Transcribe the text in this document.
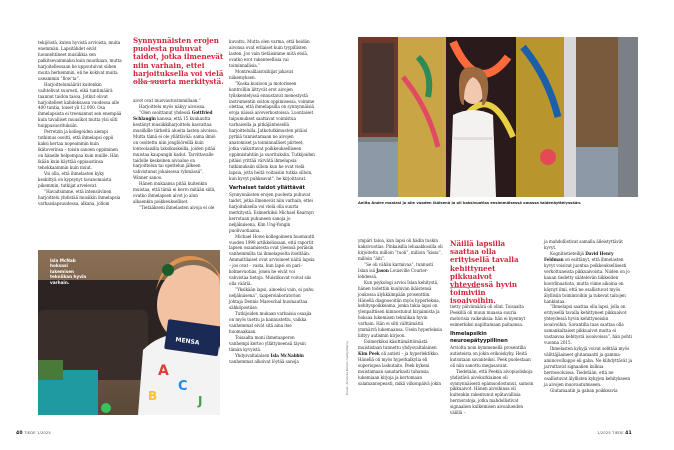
tekijöistä, kuten hyvistä arvioista, muita enemmän. Lapsitähdet eivät luonnehtineet musiikkia sen palkitsevammaksi kuin muutkaan, mutta harjoitellessaan he uppoutuivat siihen muita herkemmin, eli he kokivat muita useammin ”flow’ta”.

Harjoittelumäärät kuitenkin vaihtelivat suuresti, eikä tuntimäärä taannut taidon tasoa. Jotkut olivat harjoitelleet kahdeksassa vuodessa alle 400 tuntia, toiset yli 12 000. Osa ihmelapsista ei treenannut sen enempää kuin tavalliset muusikot mutta ylsi silti huippusuorituksiin.

Perretzin ja kollegoiden aiempi tutkimus osoitti, että ihmelapsi oppii kaksi kertaa nopeammin kuin ikätoverinsa – toisin sanoen oppiminen on hänelle helpompaa kuin muille. Hän ikään kuin käyttää oppiaustinsa tehokkaammin kuin muut.

Voi olla, että ihmelasten kyky keskittyä on kypsynyt tavanomaista pikemmin, tutkijat arvelevat.

”Havaitsimme, että intensiivinen harjoittelu yhdistää musiikin ihmelapsia varhaislapsuudessa, alkana, jolloin

Synnynnäisten erojen puolesta puhuvat taidot, jotka ilmenevät niin varhain, ettei harjoituksella voi vielä olla suurta merkitystä.

aivot ovat muovautuvimmillaan.”

Harjoittelu myös näkyy aivoissa.

”Olen osoittanut yhdessä Gottfried Schlaugin kanssa, että 15 kuukautta kestänyt musiikkiharjoittelu kasvattaa musiikille tärkeitä alueita lasten aivoissa. Mutta tämä ei ole yllättävää: sama ilmiö on osoitettu niin jonglööreillä kuin lontoolaisilla taksikuskeilla, joiden pitää muistaa kaupungin kadut. Tarvittavalle taidolle keskeinen aivoalue on harjoittelun tai opettelun jälkeen vahvistunut jokaisessa ryhmässä”, Winner sanoo.

Hänen mukaansa pitää kuitenkin muistaa, että tämä ei kerro mitään siitä, ovatko ihmelapsen aivot jo alun alkaenkin poikkeukselliset.

”Tietääkseni ihmelasten aivoja ei ole

kuvattu. Mutta olen varma, että heidän aivonsa ovat erilaiset kuin tyypillisten lasten. Jos vain tietäisimme mitä etsiä, ovatko erot rakenteellisia vai toiminnallisia.”

Montrealilaistutkijat jakavat näkemyksen.

”Koska kuuloon ja motoriseen kontrolliin liittyvät erot aivojen tyilskentelyssä ennustavat menestystä instrumentin soiton oppimisessa, voimme olettaa, että ihmelapsilla on synnynnäisiä eroja näissä aivoverkostoissa. Luontaiset taipumukset saattavat voimistua varhaisella ja pitkäjänteisellä harjoittelulla. Jatkotutkimusten pitäisi pyrkiä tunnistamaan ne aivojen anatomiset ja toiminnalliset piirteet, jotka vaikuttavat poikkeukselliseen oppimistahtiin ja suorituksiin. Tutkijoiden pitäisi yrittää värvätä ihmelapsia tutkimuksiin silloin kun he ovat vielä lapsia, jotta heitä voitaisiin tutkia silloin, kun kyvyt puhkeavat”, he kirjoittavat.

Varhaiset taidot yllättävät

Synnynnäisten erojen puolesta puhuvat taidot, jotka ilmenevät niin varhain, ettei harjoituksella voi vielä olla suurta merkitystä. Esimerkiksi Michael Kearnyn kerrotaan puhuneen sanoja jo neljäkuisena, Kim Ung-Yongin puolivuotiaana.

Michael Howe kollegoineen huomautti vuoden 1998 artikkelissaan, että raportit lapsen osaamisesta ovat yleensä peräisin vanhemmilta tai ihmelapselta itseltään. Ammattilaiset ovat arvioineet näitä lapsia – jos ovat – vasta, kun lapsi on pari–kolmevuotias, jonen he eivät voi vahvistaa tietoja. Muistikuvat voivat siis olla vääriä.

”Yksikään lapsi, ainoeksi vain, ei puhu neljäkuisena”, taaperolaboratorion johtaja Dennis Mareschal huomauttaa sähköpostiise.

Tutkijoiden mukaan varhaisia osaajia on myös tuettu ja kannustettu, vaikka vanhemmat eivät sitä aina itse huomaakaan.

Toisaalta moni ihmetaaperon vanhempi kertoo yllättyneensä täysin tämän kyvyistä.

Yhdysvaltalaisen Isla McNabbin vanhemmat alkoivat löytää sanoja

A
C
B	J
MENSA
Isla McNab hoksasi lukemisen tekniikan hyvin varhain.
40 TIEDE 1/2025
Aelita Andre maalasi jo alle vuoden ikäisenä ja oli kaksivuotias ensimmäisessä omassa taidenäyttelyssään.
Kuvat: Amanda Mclain, Getty/Alamy

ympäri taloa, kun lapsi oli hädin tuskin kaksivuotias. Pinkaisilla leluaakkosilla oli kirjoitettu milloin ”tuoli”, milloin ”kissa”, milloin ”äiti”.

”Se oli vähän karmivaa”, tunnusti Islan isä Jason Louisville Courier-lehdessä.

Kun psykologi arvioi Islan kehitystä, hänen todettiin kuuluvan ikäistensä joukossa älykkäimpään prosenttiin. Hänellä diagnosoitiin myös hyperleksia, kehityspoikkeama, jonka takia lapsi on ylenpalttisen kiinnostunut kirjaimista ja hoksaa lukemisen tekniikan hyvin varhain. Hän ei silti välttämättä ymmärrä lukemaansa. Usein hyperleksia liittyy autismin kirjoon.

Esimerkiksi käsittämättömästä muististaan tunnettu yhdysvaltalainen Kim Peek oli autisti – ja hyperlektikko. Hänellä oli myös hyperkalkylia eli superiopea laskutaito. Peek kykeni muistamaan sanatarkasti tuhansia lukemiaan kirjoja ja kertomaan salamannopeasti, mikä viikonpäivä jokin

Näillä lapsilla saattaa olla erityisellä tavalla kehittyneet pikkuaivot yhteydessä hyvin toimiviin isoaivoihin.

tietty päivämäärä oli ollut. Toisaalta Peekillä oli muun muassa suuria motorisia vaikeuksia: hän ei kyennyt esimerkiksi napittamaan paitaansa.

Ihmelapsikin neuroepätyypillinen

Arviolta noin kymmenellä prosentilla autisteista on jokin erikoiskyky. Heitä kutsutaan savanteiksi. Peek puolestaan oli niin sanottu megasavant.

Tiedetään, että Peekin aivopuoliskoja yhdistävä aivokurkiainen oli synnynnäisesti epämuodostunut, samoin pikkuaivot. Hänen aivoihinsa oli kuitenkin rakentunut epätavallisia hermoratoja, jotka mahdollistivat signaalien kulkemisen aivoalueiden välillä –

ja mahdollistivat samalla älleistyttävät kyvyt.

Kognitiotieteilijä David Henry Feldman on esittänyt, että ihmelasten kyvyt voisivat juontua poikkeuksellisesti verkottuneista pikkuaivoista. Niiden on jo kauan tiedetty säätelevän liikkeiden koordinaatiota, mutta viime aikoina on käynyt ilmi, että ne osallistuvat myös älyllisiin toimintoihin ja tukevat taitojen hankintaa.

”Ihmelapsi saattaa olla lapsi, jolla on erityisellä tavalla kehittyneet pikkuaivot yhteydessä hyvin kehittyneisiin isoaivoihin. Savantilla taas saattaa olla samankaltaiset pikkuaivot mutta ei vastaavaa kehitystä isoaivoissa”, hän pohti vuonna 2015.

Ihmelasten kykyjä voivat selittää myös välittäjäaineet glutamaatti ja gamma-aminovoihappo eli gaba. Ne kiihdyttävät ja jarruttavat signaalien kulkua hermosoluissa. Tiedetään, että ne osallistuvat älyllisten kykyjen kehitykseen ja aivojen muovautumiseen.

Glutamaatin ja gaban poikkeavia

1/2025 TIEDE 41
